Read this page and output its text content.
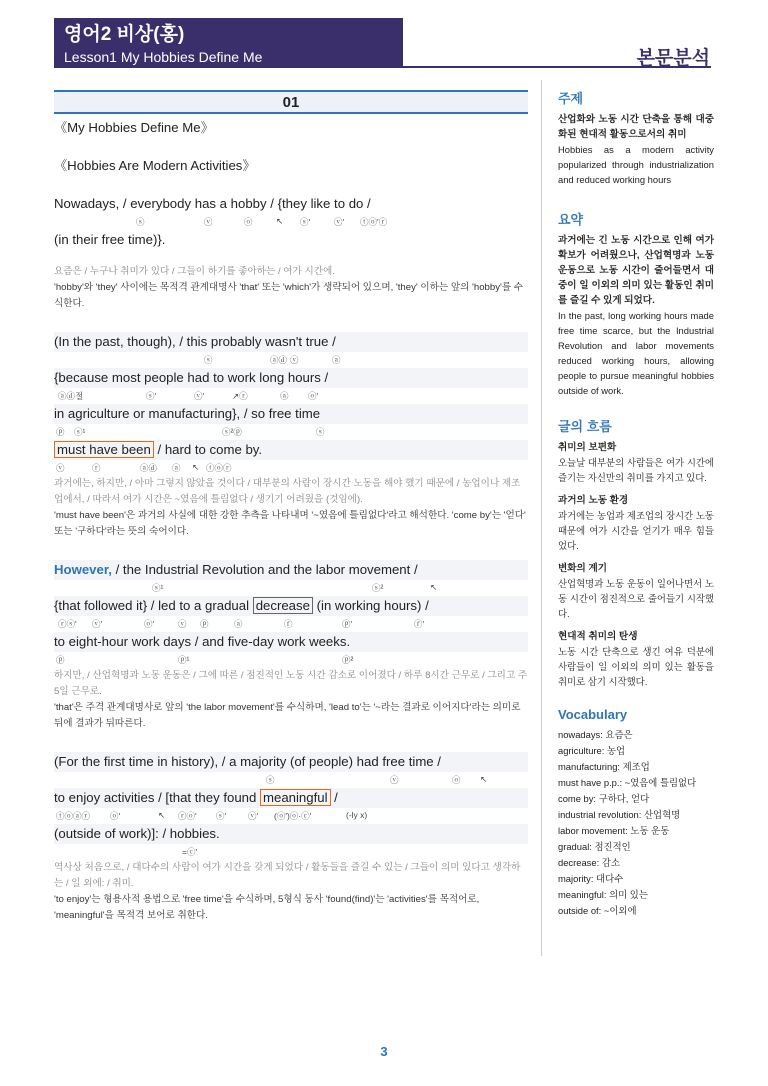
영어2 비상(홍)
Lesson1 My Hobbies Define Me	본문분석
01
《My Hobbies Define Me》
《Hobbies Are Modern Activities》
Nowadays, / everybody has a hobby / {they like to do /
ⓢ	ⓥ	ⓞ	↖ ⓢ'	ⓥ' ⓣⓞ'ⓡ
(in their free time)}.
요즘은 / 누구나 취미가 있다 / 그들이 하기를 좋아하는 / 여가 시간에.
'hobby'와 'they' 사이에는 목적격 관계대명사 'that' 또는 'which'가 생략되어 있으며, 'they' 이하는 앞의 'hobby'를 수식한다.
(In the past, though), / this probably wasn't true /
ⓢ	ⓐⓓ ⓥ	ⓐ
{because most people had to work long hours /
ⓐⓓ절	ⓢ'	ⓥ'	↗ⓡ	ⓐ ⓞ'
in agriculture or manufacturing}, / so free time
ⓟ ⓢ¹	ⓢ²ⓟ	ⓢ
must have been / hard to come by.
ⓥ	ⓡ	ⓐⓓ ⓐ ↖ ⓣⓞⓡ
과거에는, 하지만, / 아마 그렇지 않았을 것이다 / 대부분의 사람이 장시간 노동을 해야 했기 때문에 / 농업이나 제조업에서, / 따라서 여가 시간은 ~였음에 틀림없다 / 생기기 어려웠을 (것임에).
'must have been'은 과거의 사실에 대한 강한 추측을 나타내며 '~였음에 틀림없다'라고 해석한다. 'come by'는 '얻다' 또는 '구하다'라는 뜻의 숙어이다.
However, / the Industrial Revolution and the labor movement /
ⓢ¹	ⓢ²	↖
{that followed it} / led to a gradual decrease (in working hours) /
ⓡⓢ' ⓥ'	ⓞ'	ⓥ ⓟ	ⓐ	ⓕ	ⓟ'	ⓕ'
to eight-hour work days / and five-day work weeks.
ⓟ	ⓟ¹	ⓟ²
하지만, / 산업혁명과 노동 운동은 / 그에 따른 / 점진적인 노동 시간 감소로 이어졌다 / 하루 8시간 근무로 / 그리고 주 5일 근무로.
'that'은 주격 관계대명사로 앞의 'the labor movement'를 수식하며, 'lead to'는 '~라는 결과로 이어지다'라는 의미로 뒤에 결과가 뒤따른다.
(For the first time in history), / a majority (of people) had free time /
ⓢ	ⓥ	ⓞ ↖
to enjoy activities / [that they found meaningful /
ⓣⓞⓐⓡ ⓞ'	↖ ⓡⓞ' ⓢ'	ⓥ' (ⓞ')ⓞ·ⓒ'	(-ly x)
(outside of work)]: / hobbies.
=ⓒ'
역사상 처음으로, / 대다수의 사람이 여가 시간을 갖게 되었다 / 활동들을 즐길 수 있는 / 그들이 의미 있다고 생각하는 / 일 외에: / 취미.
'to enjoy'는 형용사적 용법으로 'free time'을 수식하며, 5형식 동사 'found(find)'는 'activities'를 목적어로, 'meaningful'을 목적격 보어로 취한다.
주제
산업화와 노동 시간 단축을 통해 대중화된 현대적 활동으로서의 취미
Hobbies as a modern activity popularized through industrialization and reduced working hours
요약
과거에는 긴 노동 시간으로 인해 여가 확보가 어려웠으나, 산업혁명과 노동 운동으로 노동 시간이 줄어들면서 대중이 일 이외의 의미 있는 활동인 취미를 즐길 수 있게 되었다.
In the past, long working hours made free time scarce, but the Industrial Revolution and labor movements reduced working hours, allowing people to pursue meaningful hobbies outside of work.
글의 흐름
취미의 보편화
오늘날 대부분의 사람들은 여가 시간에 즐기는 자신만의 취미를 가지고 있다.
과거의 노동 환경
과거에는 농업과 제조업의 장시간 노동 때문에 여가 시간을 얻기가 매우 힘들었다.
변화의 계기
산업혁명과 노동 운동이 일어나면서 노동 시간이 점진적으로 줄어들기 시작했다.
현대적 취미의 탄생
노동 시간 단축으로 생긴 여유 덕분에 사람들이 일 이외의 의미 있는 활동을 취미로 삼기 시작했다.
Vocabulary
nowadays: 요즘은
agriculture: 농업
manufacturing: 제조업
must have p.p.: ~였음에 틀림없다
come by: 구하다, 얻다
industrial revolution: 산업혁명
labor movement: 노동 운동
gradual: 점진적인
decrease: 감소
majority: 대다수
meaningful: 의미 있는
outside of: ~이외에
3
